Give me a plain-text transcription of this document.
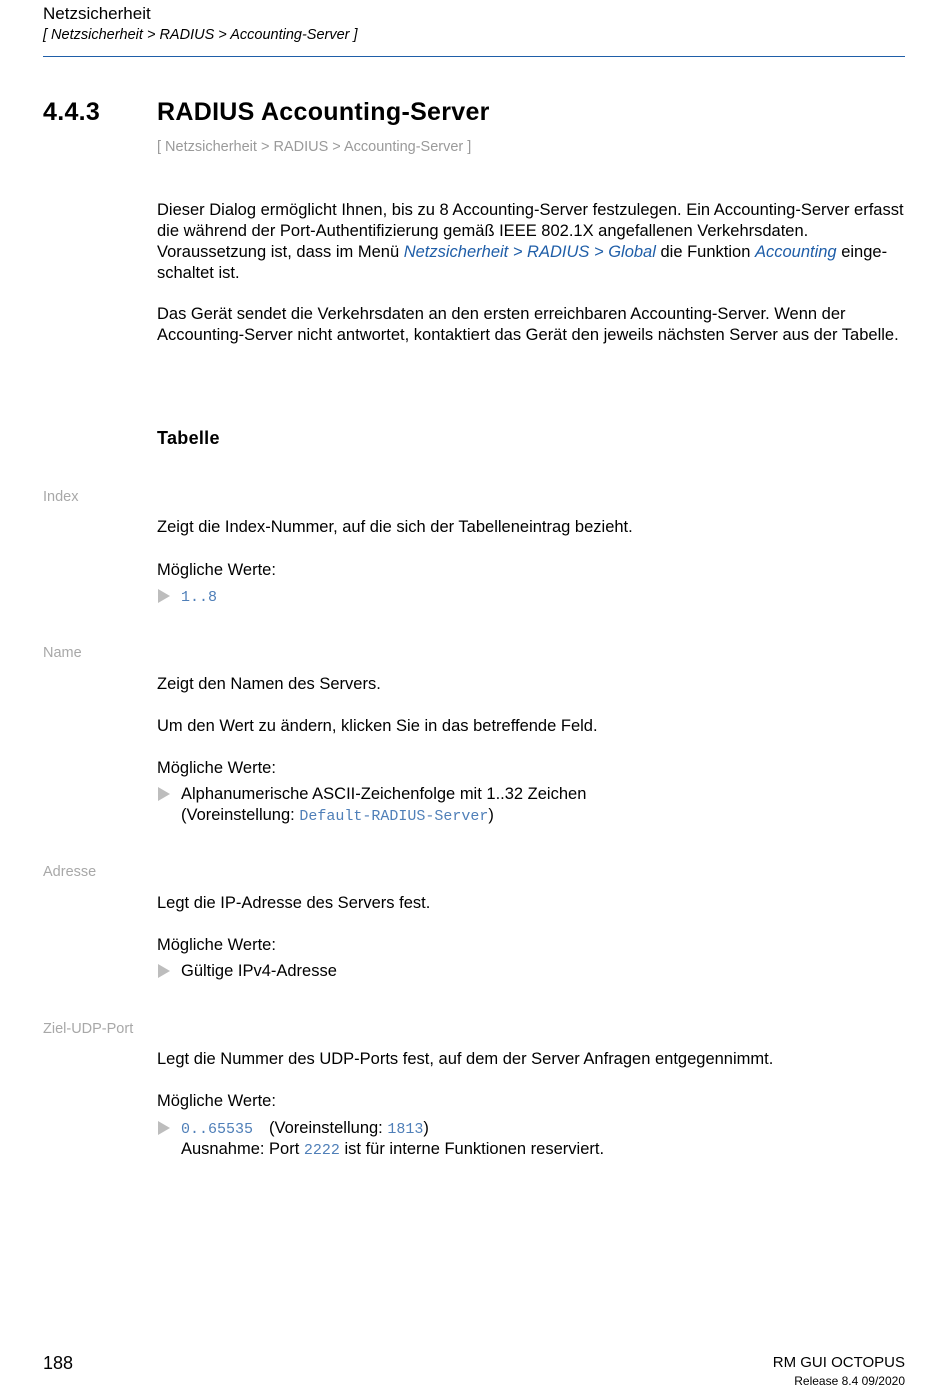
Netzsicherheit
[ Netzsicherheit > RADIUS > Accounting-Server ]
4.4.3 RADIUS Accounting-Server
[ Netzsicherheit > RADIUS > Accounting-Server ]
Dieser Dialog ermöglicht Ihnen, bis zu 8 Accounting-Server festzulegen. Ein Accounting-Server erfasst die während der Port-Authentifizierung gemäß IEEE 802.1X angefallenen Verkehrsdaten. Voraussetzung ist, dass im Menü Netzsicherheit > RADIUS > Global die Funktion Accounting einge-schaltet ist.
Das Gerät sendet die Verkehrsdaten an den ersten erreichbaren Accounting-Server. Wenn der Accounting-Server nicht antwortet, kontaktiert das Gerät den jeweils nächsten Server aus der Tabelle.
Tabelle
Index
Zeigt die Index-Nummer, auf die sich der Tabelleneintrag bezieht.
Mögliche Werte:
1..8
Name
Zeigt den Namen des Servers.
Um den Wert zu ändern, klicken Sie in das betreffende Feld.
Mögliche Werte:
Alphanumerische ASCII-Zeichenfolge mit 1..32 Zeichen
(Voreinstellung: Default-RADIUS-Server)
Adresse
Legt die IP-Adresse des Servers fest.
Mögliche Werte:
Gültige IPv4-Adresse
Ziel-UDP-Port
Legt die Nummer des UDP-Ports fest, auf dem der Server Anfragen entgegennimmt.
Mögliche Werte:
0..65535 (Voreinstellung: 1813)
Ausnahme: Port 2222 ist für interne Funktionen reserviert.
188	RM GUI OCTOPUS
Release 8.4 09/2020
